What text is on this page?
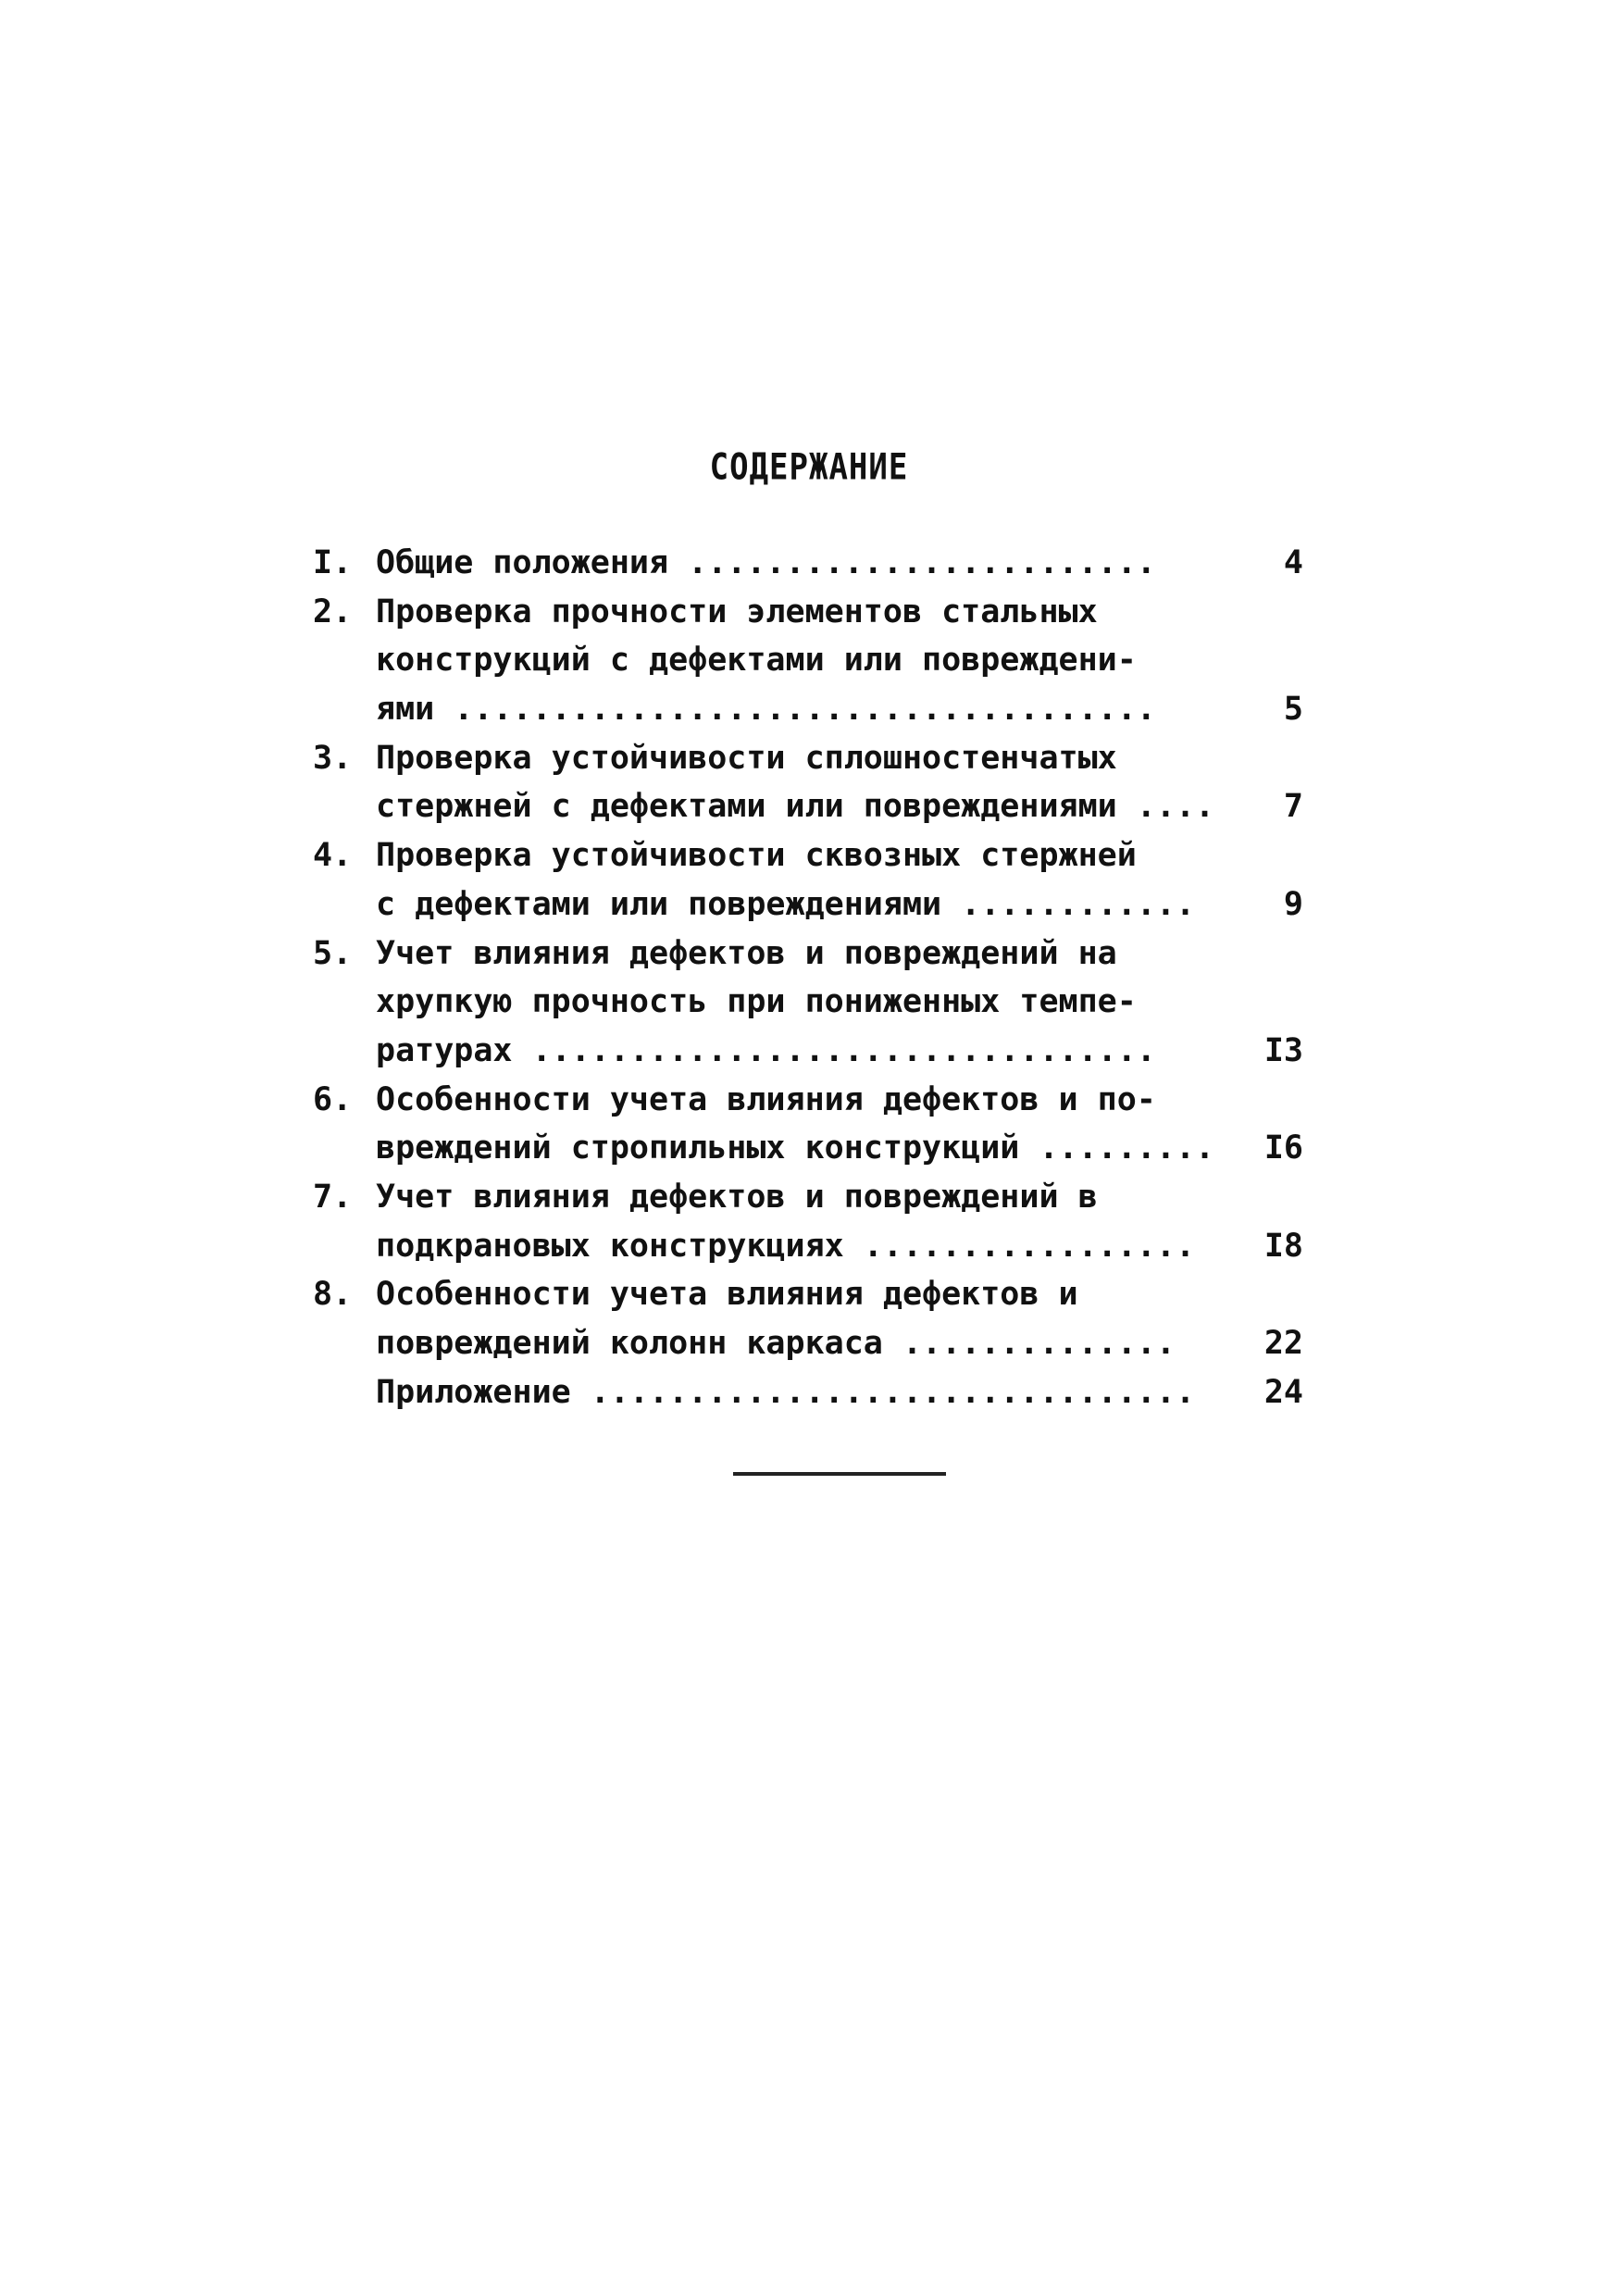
СОДЕРЖАНИЕ
I. Общие положения ........................	4
2. Проверка прочности элементов стальных
конструкций с дефектами или повреждени-
ями ....................................	5
3. Проверка устойчивости сплошностенчатых
стержней с дефектами или повреждениями ....	7
4. Проверка устойчивости сквозных стержней
с дефектами или повреждениями ............	9
5. Учет влияния дефектов и повреждений на
хрупкую прочность при пониженных темпе-
ратурах ................................	I3
6. Особенности учета влияния дефектов и по-
вреждений стропильных конструкций .........	I6
7. Учет влияния дефектов и повреждений в
подкрановых конструкциях .................	I8
8. Особенности учета влияния дефектов и
повреждений колонн каркаса ..............	22
Приложение ...............................	24
